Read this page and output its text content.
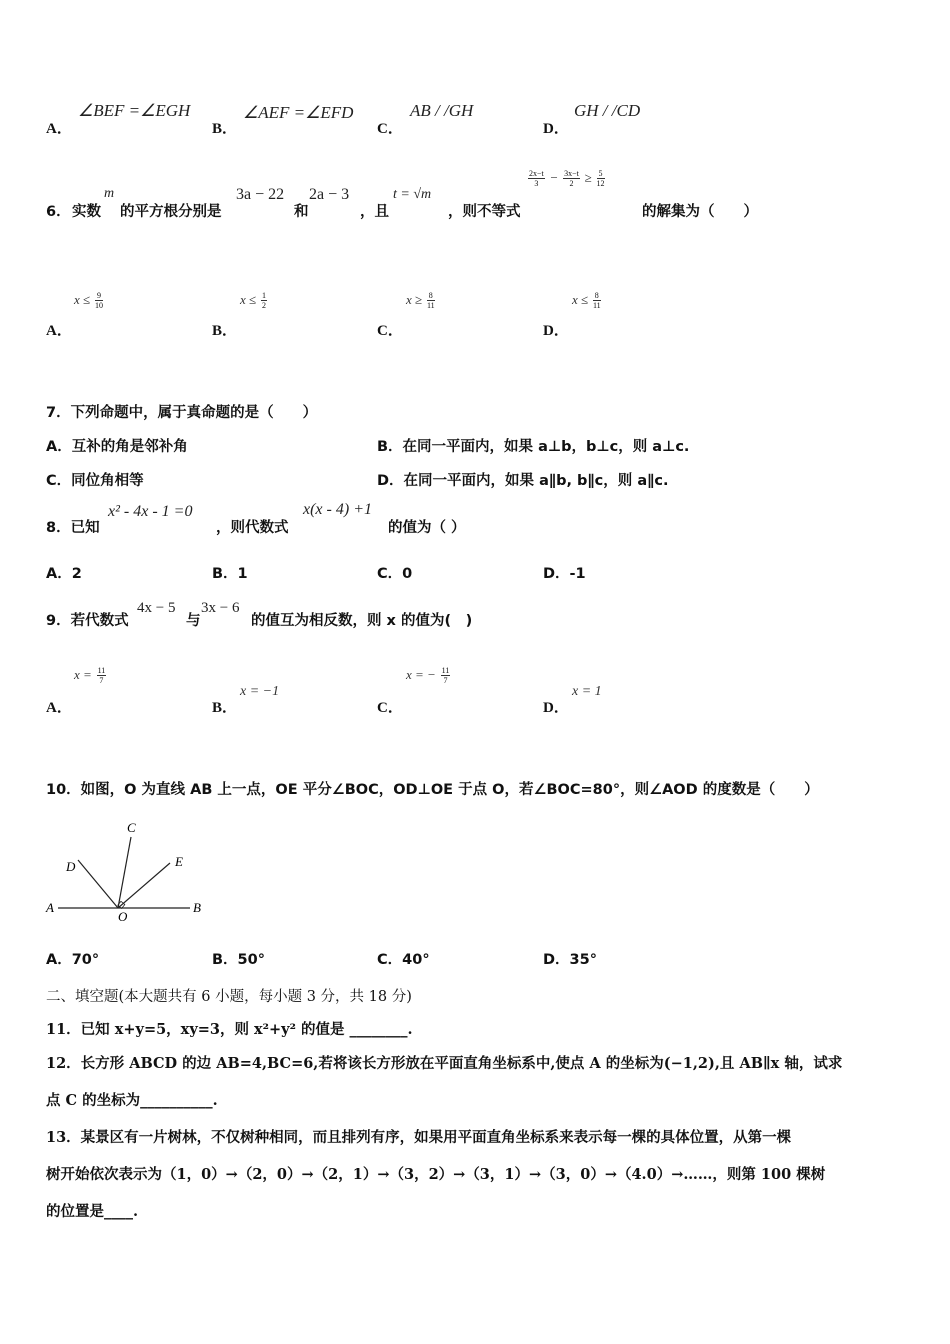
A．
∠BEF =∠EGH
B．
∠AEF =∠EFD
C．
AB / /GH
D．
GH / /CD
6． 实数
m
的平方根分别是
3a − 22
和
2a − 3
，且
t = √m
，则不等式
$\frac{2x-t}{3} - \frac{3x-t}{2} \ge \frac{5}{12}$
的解集为（　　）
A．
$x \le \frac{9}{10}$
B．
$x \le \frac{1}{2}$
C．
$x \ge \frac{8}{11}$
D．
$x \le \frac{8}{11}$
7．下列命题中，属于真命题的是（　　）
A．互补的角是邻补角	B．在同一平面内，如果 a⊥b，b⊥c，则 a⊥c.
C．同位角相等	D．在同一平面内，如果 a∥b, b∥c，则 a∥c.
8．已知
x² - 4x - 1 =0
，则代数式
x(x - 4) +1
的值为（ ）
A．2	B．1	C．0	D．-1
9．若代数式
4x − 5
与
3x − 6
的值互为相反数，则 x 的值为(　)
A．
$x = \frac{11}{7}$
B．
x = −1
C．
x = − $\frac{11}{7}$
D．
x = 1
10．如图，O 为直线 AB 上一点，OE 平分∠BOC，OD⊥OE 于点 O，若∠BOC=80°，则∠AOD 的度数是（　　）
A	B
C
D	E
O
A．70°	B．50°	C．40°	D．35°
二、填空题(本大题共有 6 小题，每小题 3 分，共 18 分)
11．已知 x+y=5，xy=3，则 x²+y² 的值是 ________.
12．长方形 ABCD 的边 AB=4,BC=6,若将该长方形放在平面直角坐标系中,使点 A 的坐标为(−1,2),且 AB∥x 轴，试求
点 C 的坐标为__________.
13．某景区有一片树林，不仅树种相同，而且排列有序，如果用平面直角坐标系来表示每一棵的具体位置，从第一棵
树开始依次表示为（1，0）→（2，0）→（2，1）→（3，2）→（3，1）→（3，0）→（4.0）→……，则第 100 棵树
的位置是____.
